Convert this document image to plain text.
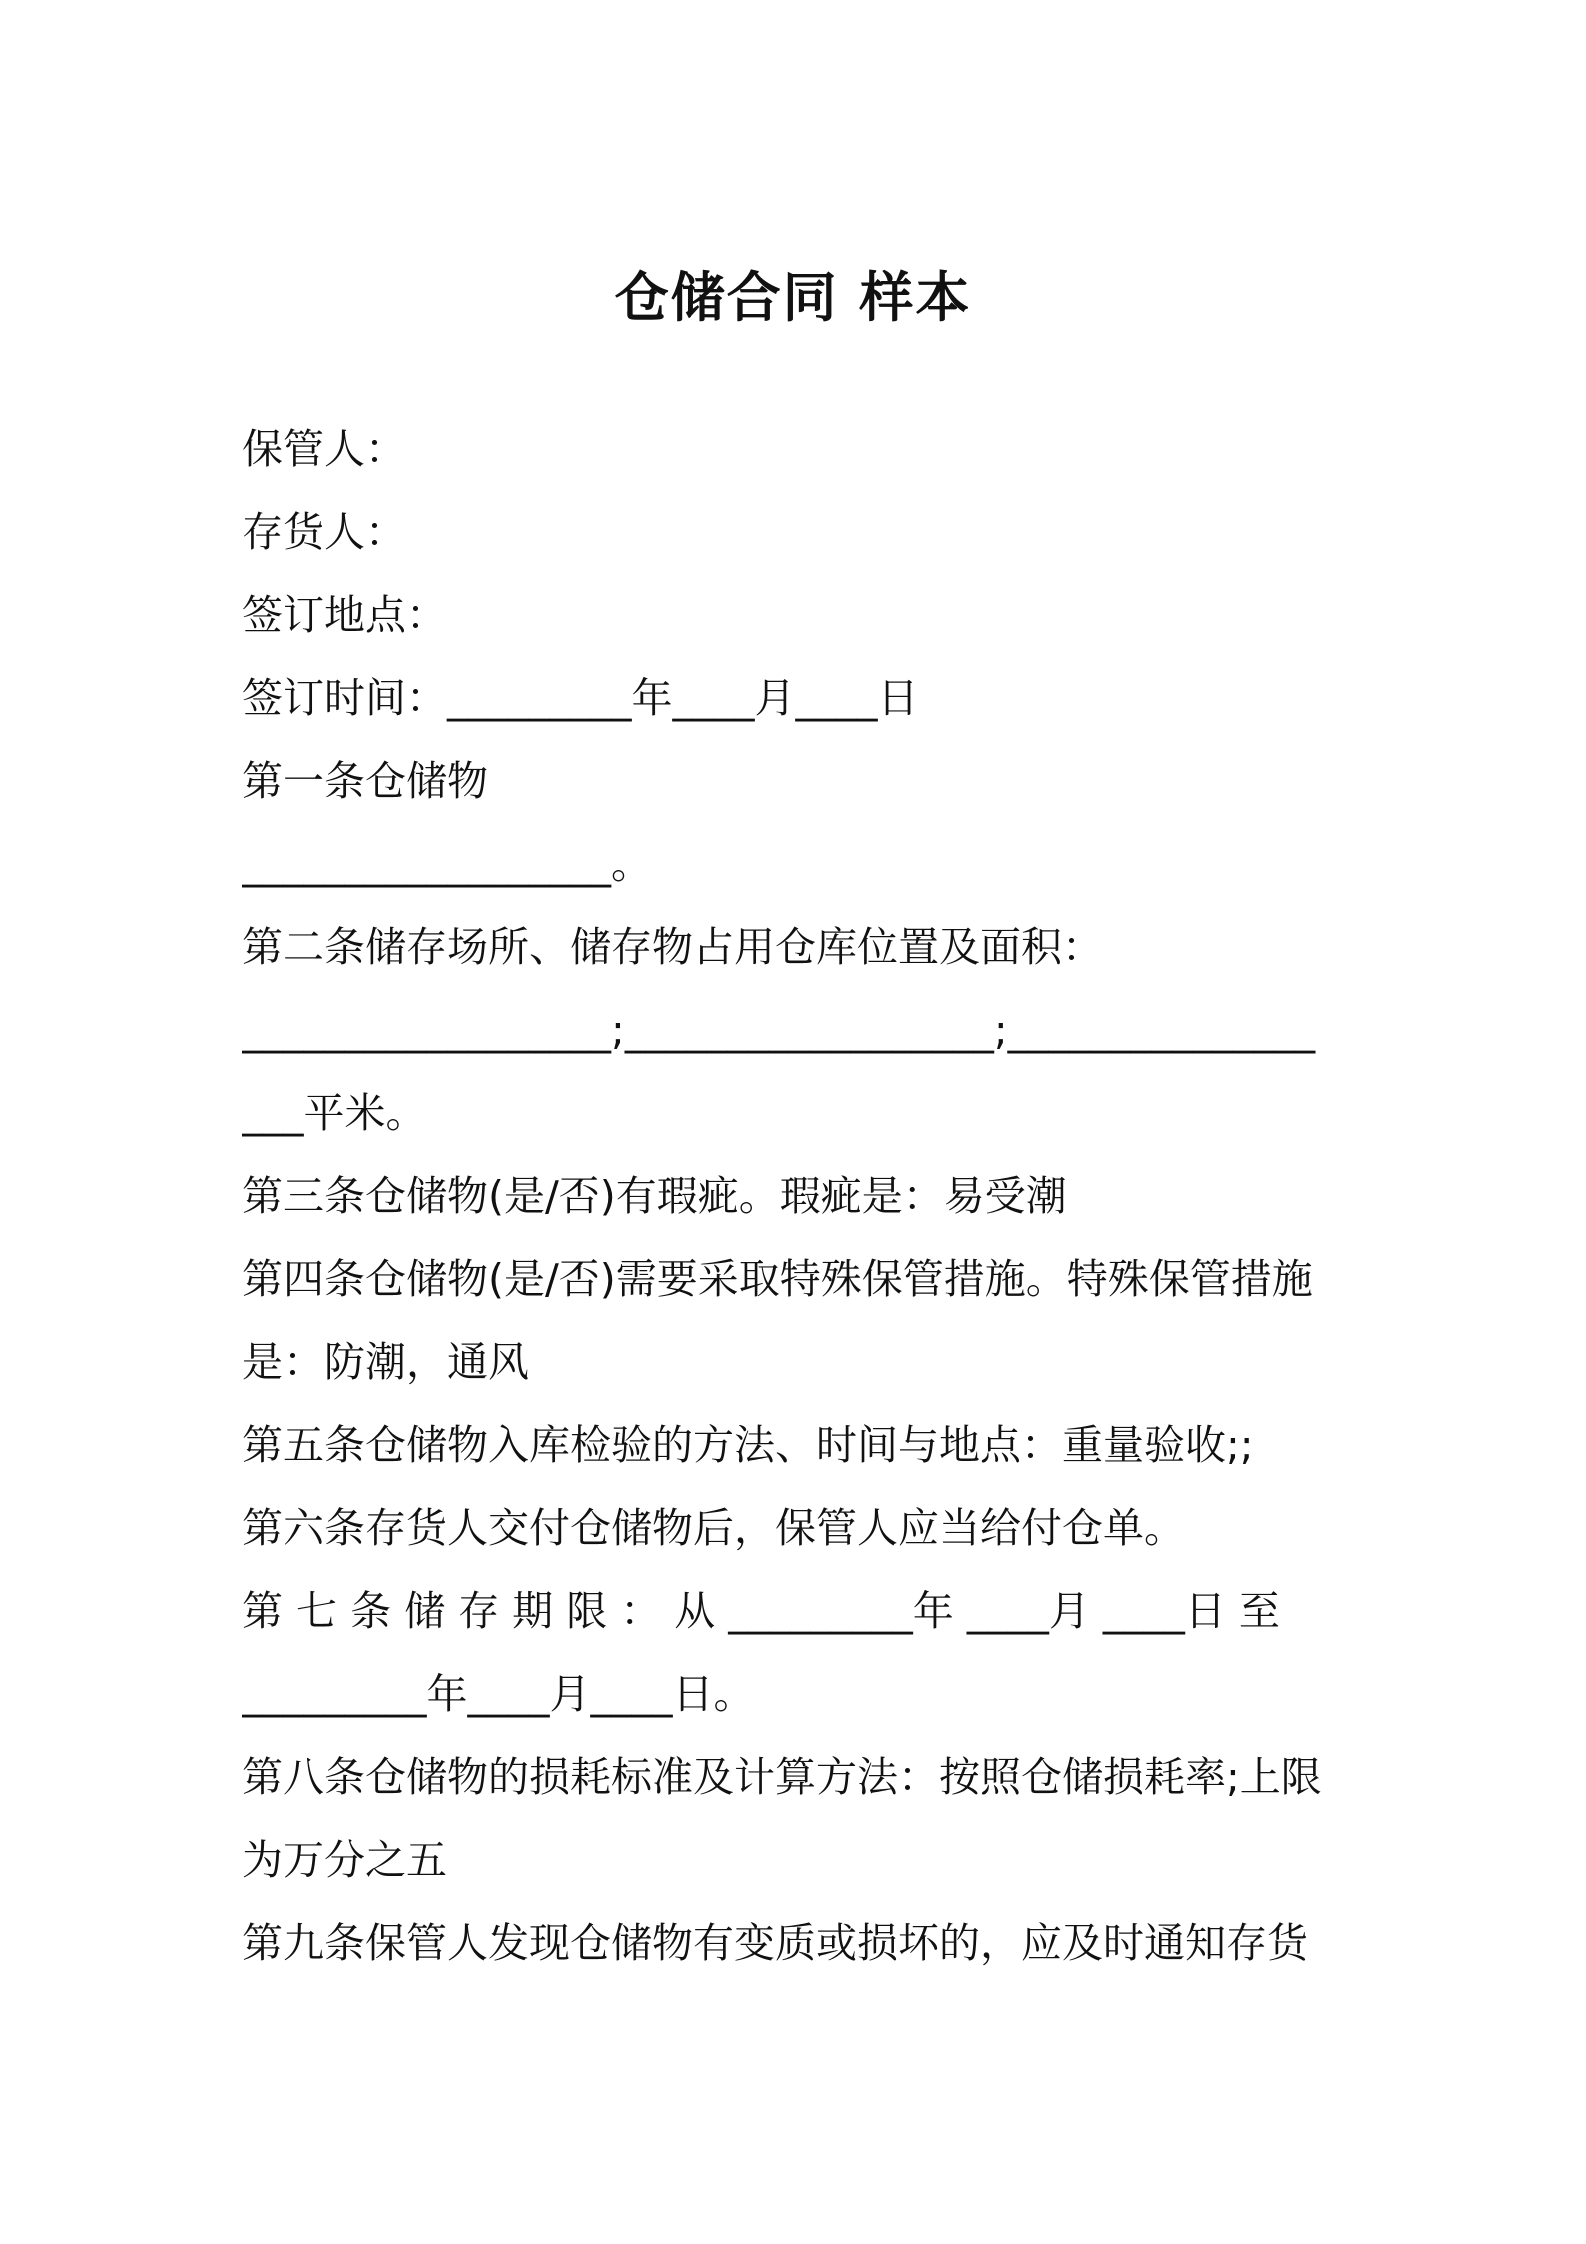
仓储合同 样本

保管人：

存货人：

签订地点：

签订时间：_________年____月____日

第一条仓储物

__________________。

第二条储存场所、储存物占用仓库位置及面积：

__________________;__________________;_______________

___平米。

第三条仓储物(是/否)有瑕疵。瑕疵是：易受潮

第四条仓储物(是/否)需要采取特殊保管措施。特殊保管措施

是：防潮，通风

第五条仓储物入库检验的方法、时间与地点：重量验收;;

第六条存货人交付仓储物后，保管人应当给付仓单。

第 七 条 储 存 期 限 ： 从 _________年 ____月 ____日 至

_________年____月____日。

第八条仓储物的损耗标准及计算方法：按照仓储损耗率;上限

为万分之五

第九条保管人发现仓储物有变质或损坏的，应及时通知存货
